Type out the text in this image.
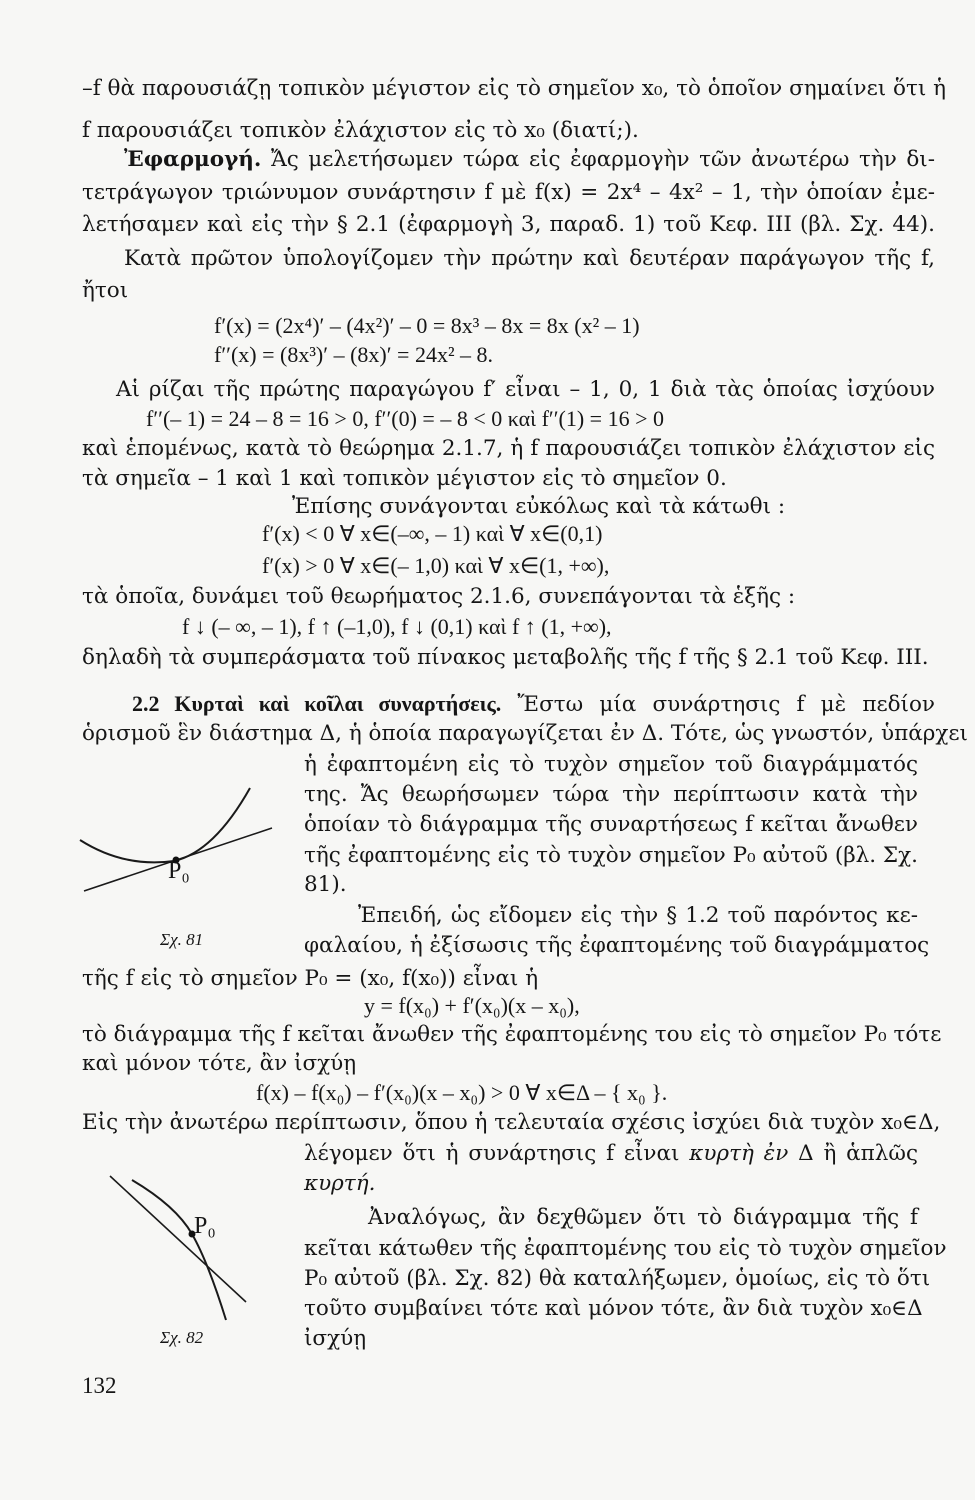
–f θὰ παρουσιάζῃ τοπικὸν μέγιστον εἰς τὸ σημεῖον x₀, τὸ ὁποῖον σημαίνει ὅτι ἡ
f παρουσιάζει τοπικὸν ἐλάχιστον εἰς τὸ x₀ (διατί;).
Ἐφαρμογή. Ἄς μελετήσωμεν τώρα εἰς ἐφαρμογὴν τῶν ἀνωτέρω τὴν δι-
τετράγωγον τριώνυμον συνάρτησιν f μὲ f(x) = 2x⁴ – 4x² – 1, τὴν ὁποίαν ἐμε-
λετήσαμεν καὶ εἰς τὴν § 2.1 (ἐφαρμογὴ 3, παραδ. 1) τοῦ Κεφ. III (βλ. Σχ. 44).
Κατὰ πρῶτον ὑπολογίζομεν τὴν πρώτην καὶ δευτέραν παράγωγον τῆς f,
ἤτοι
f′(x) = (2x⁴)′ – (4x²)′ – 0 = 8x³ – 8x = 8x (x² – 1)
f′′(x) = (8x³)′ – (8x)′ = 24x² – 8.
Αἱ ρίζαι τῆς πρώτης παραγώγου f′ εἶναι – 1, 0, 1 διὰ τὰς ὁποίας ἰσχύουν
f′′(– 1) = 24 – 8 = 16 > 0, f′′(0) = – 8 < 0 καὶ f′′(1) = 16 > 0
καὶ ἑπομένως, κατὰ τὸ θεώρημα 2.1.7, ἡ f παρουσιάζει τοπικὸν ἐλάχιστον εἰς
τὰ σημεῖα – 1 καὶ 1 καὶ τοπικὸν μέγιστον εἰς τὸ σημεῖον 0.
Ἐπίσης συνάγονται εὐκόλως καὶ τὰ κάτωθι :
f′(x) < 0 ∀ x∈(–∞, – 1) καὶ ∀ x∈(0,1)
f′(x) > 0 ∀ x∈(– 1,0) καὶ ∀ x∈(1, +∞),
τὰ ὁποῖα, δυνάμει τοῦ θεωρήματος 2.1.6, συνεπάγονται τὰ ἑξῆς :
f ↓ (– ∞, – 1), f ↑ (–1,0), f ↓ (0,1) καὶ f ↑ (1, +∞),
δηλαδὴ τὰ συμπεράσματα τοῦ πίνακος μεταβολῆς τῆς f τῆς § 2.1 τοῦ Κεφ. III.
2.2 Κυρταὶ καὶ κοῖλαι συναρτήσεις. Ἔστω μία συνάρτησις f μὲ πεδίον
ὁρισμοῦ ἓν διάστημα Δ, ἡ ὁποία παραγωγίζεται ἐν Δ. Τότε, ὡς γνωστόν, ὑπάρχει
ἡ ἐφαπτομένη εἰς τὸ τυχὸν σημεῖον τοῦ διαγράμματός
της. Ἄς θεωρήσωμεν τώρα τὴν περίπτωσιν κατὰ τὴν
ὁποίαν τὸ διάγραμμα τῆς συναρτήσεως f κεῖται ἄνωθεν
τῆς ἐφαπτομένης εἰς τὸ τυχὸν σημεῖον P₀ αὐτοῦ (βλ. Σχ.
81).
Ἐπειδή, ὡς εἴδομεν εἰς τὴν § 1.2 τοῦ παρόντος κε-
φαλαίου, ἡ ἐξίσωσις τῆς ἐφαπτομένης τοῦ διαγράμματος
τῆς f εἰς τὸ σημεῖον P₀ = (x₀, f(x₀)) εἶναι ἡ
y = f(x₀) + f′(x₀)(x – x₀),
τὸ διάγραμμα τῆς f κεῖται ἄνωθεν τῆς ἐφαπτομένης του εἰς τὸ σημεῖον P₀ τότε
καὶ μόνον τότε, ἂν ἰσχύῃ
f(x) – f(x₀) – f′(x₀)(x – x₀) > 0 ∀ x∈Δ – { x₀ }.
Εἰς τὴν ἀνωτέρω περίπτωσιν, ὅπου ἡ τελευταία σχέσις ἰσχύει διὰ τυχὸν x₀∈Δ,
λέγομεν ὅτι ἡ συνάρτησις f εἶναι κυρτὴ ἐν Δ ἢ ἁπλῶς
κυρτή.
Ἀναλόγως, ἂν δεχθῶμεν ὅτι τὸ διάγραμμα τῆς f
κεῖται κάτωθεν τῆς ἐφαπτομένης του εἰς τὸ τυχὸν σημεῖον
P₀ αὐτοῦ (βλ. Σχ. 82) θὰ καταλήξωμεν, ὁμοίως, εἰς τὸ ὅτι
τοῦτο συμβαίνει τότε καὶ μόνον τότε, ἂν διὰ τυχὸν x₀∈Δ
ἰσχύῃ
P₀
Σχ. 81
P₀
Σχ. 82
132
